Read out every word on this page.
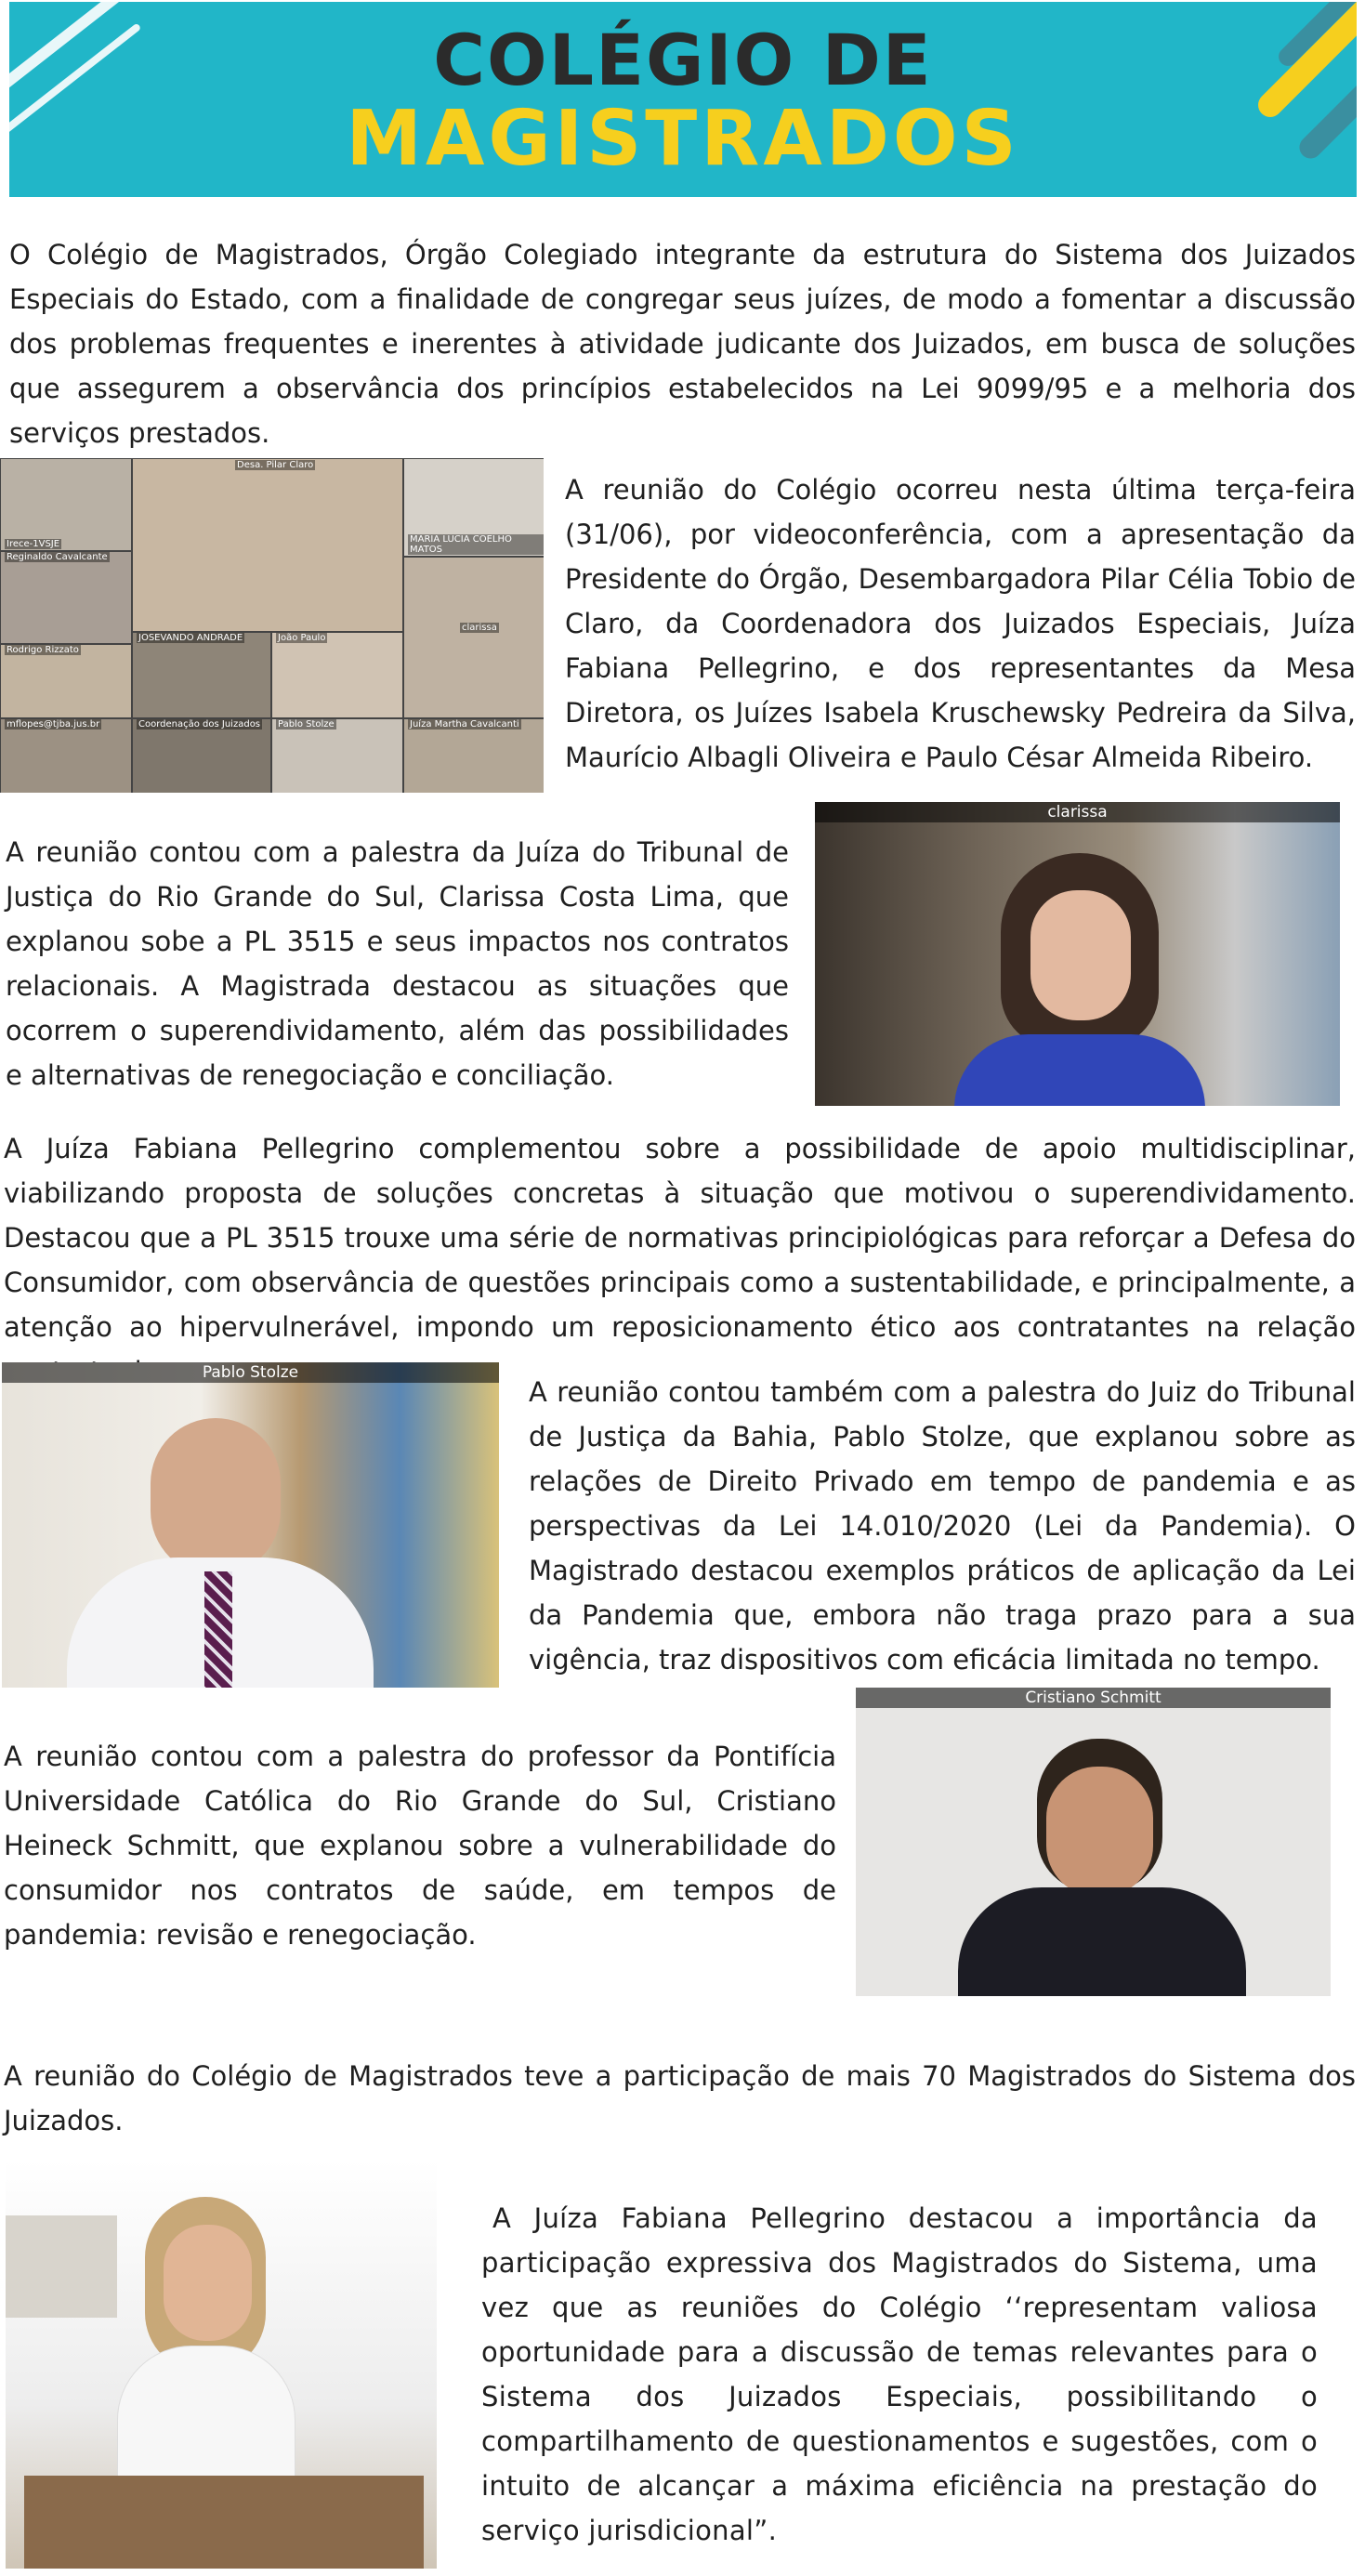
COLÉGIO DE
MAGISTRADOS

O Colégio de Magistrados, Órgão Colegiado integrante da estrutura do Sistema dos Juizados Especiais do Estado, com a finalidade de congregar seus juízes, de modo a fomentar a discussão dos problemas frequentes e inerentes à atividade judicante dos Juizados, em busca de soluções que assegurem a observância dos princípios estabelecidos na Lei 9099/95 e a melhoria dos serviços prestados.

Irece-1VSJE
Desa. Pilar Claro
Reginaldo Cavalcante
MARIA LUCIA COELHO MATOS
Rodrigo Rizzato
JOSEVANDO ANDRADE	João Paulo
clarissa
mflopes@tjba.jus.br	Coordenação dos Juizados Pablo Stolze	Juíza Martha Cavalcanti

A reunião do Colégio ocorreu nesta última terça-feira (31/06), por videoconferência, com a apresentação da Presidente do Órgão, Desembargadora Pilar Célia Tobio de Claro, da Coordenadora dos Juizados Especiais, Juíza Fabiana Pellegrino, e dos representantes da Mesa Diretora, os Juízes Isabela Kruschewsky Pedreira da Silva, Maurício Albagli Oliveira e Paulo César Almeida Ribeiro.

A reunião contou com a palestra da Juíza do Tribunal de Justiça do Rio Grande do Sul, Clarissa Costa Lima, que explanou sobe a PL 3515 e seus impactos nos contratos relacionais. A Magistrada destacou as situações que ocorrem o superendividamento, além das possibilidades e alternativas de renegociação e conciliação.

clarissa

A Juíza Fabiana Pellegrino complementou sobre a possibilidade de apoio multidisciplinar, viabilizando proposta de soluções concretas à situação que motivou o superendividamento. Destacou que a PL 3515 trouxe uma série de normativas principiológicas para reforçar a Defesa do Consumidor, com observância de questões principais como a sustentabilidade, e principalmente, a atenção ao hipervulnerável, impondo um reposicionamento ético aos contratantes na relação

Pablo Stolze

A reunião contou também com a palestra do Juiz do Tribunal de Justiça da Bahia, Pablo Stolze, que explanou sobre as relações de Direito Privado em tempo de pandemia e as perspectivas da Lei 14.010/2020 (Lei da Pandemia). O Magistrado destacou exemplos práticos de aplicação da Lei da Pandemia que, embora não traga prazo para a sua vigência, traz dispositivos com eficácia limitada no tempo.

A reunião contou com a palestra do professor da Pontifícia Universidade Católica do Rio Grande do Sul, Cristiano Heineck Schmitt, que explanou sobre a vulnerabilidade do consumidor nos contratos de saúde, em tempos de pandemia: revisão e renegociação.

Cristiano Schmitt

A reunião do Colégio de Magistrados teve a participação de mais 70 Magistrados do Sistema dos Juizados.

A Juíza Fabiana Pellegrino destacou a importância da participação expressiva dos Magistrados do Sistema, uma vez que as reuniões do Colégio ‘‘representam valiosa oportunidade para a discussão de temas relevantes para o Sistema dos Juizados Especiais, possibilitando o compartilhamento de questionamentos e sugestões, com o intuito de alcançar a máxima eficiência na prestação do serviço jurisdicional”.
